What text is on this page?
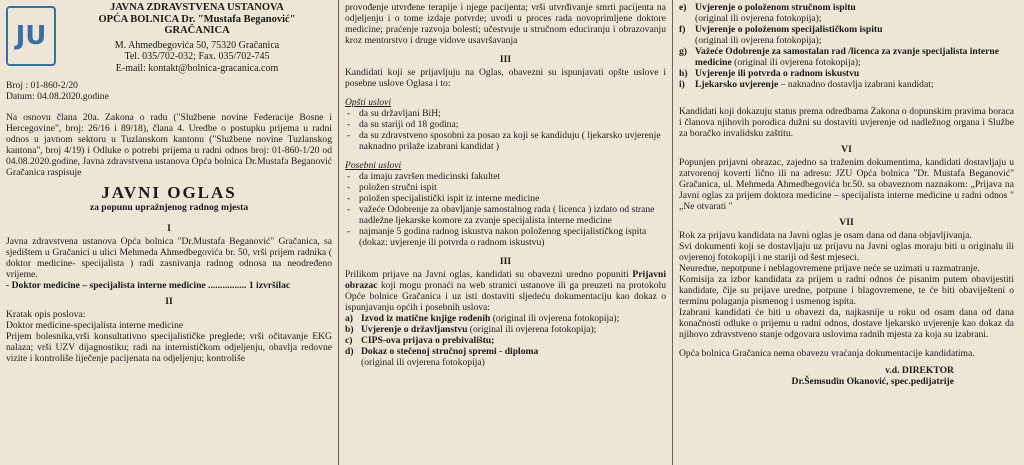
JU
JAVNA ZDRAVSTVENA USTANOVA
OPĆA BOLNICA Dr. "Mustafa Beganović"
GRAČANICA
M. Ahmedbegovića 50, 75320 Gračanica
Tel. 035/702-032; Fax. 035/702-745
E-mail: kontakt@bolnica-gracanica.com

Broj : 01-860-2/20

Datum: 04.08.2020.godine

Na osnovu člana 20a. Zakona o radu ("Službene novine Federacije Bosne i Hercegovine", broj: 26/16 i 89/18), člana 4. Uredbe o postupku prijema u radni odnos u javnom sektoru u Tuzlanskom kantonu ("Službene novine Tuzlanskog kantona", broj 4/19) i Odluke o potrebi prijema u radni odnos broj: 01-860-1/20 od 04.08.2020.godine, Javna zdravstvena ustanova Opća bolnica Dr.Mustafa Beganović Gračanica raspisuje

JAVNI OGLAS
za popunu upražnjenog radnog mjesta
I

Javna zdravstvena ustanova Opća bolnica "Dr.Mustafa Beganović" Gračanica, sa sjedištem u Gračanici u ulici Mehmeda Ahmedbegovića br. 50, vrši prijem radnika ( doktor medicine- specijalista ) radi zasnivanja radnog odnosa na neodređeno vrijeme.

- Doktor medicine – specijalista interne medicine ................ 1 izvršilac

II

Kratak opis poslova:

Doktor medicine-specijalista interne medicine

Prijem bolesnika,vrši konsultativno specijalističke preglede; vrši očitavanje EKG nalaza; vrši UZV dijagnostiku; radi na internističkom odjeljenju, obavlja redovne vizite i kontroliše liječenje pacijenata na odjeljenju; kontroliše

provođenje utvrđene terapije i njege pacijenta; vrši utvrđivanje smrti pacijenta na odjeljenju i o tome izdaje potvrde; uvodi u proces rada novoprimljene doktore medicine; praćenje razvoja bolesti; učestvuje u stručnom educiranju i obrazovanju kroz mentorstvo i druge vidove usavršavanja

III

Kandidati koji se prijavljuju na Oglas, obavezni su ispunjavati opšte uslove i posebne uslove Oglasa i to:

Opšti uslovi

- da su državljani BiH;
- da su stariji od 18 godina;
- da su zdravstveno sposobni za posao za koji se kandiduju ( ljekarsko uvjerenje naknadno prilaže izabrani kandidat )

Posebni uslovi

- da imaju završen medicinski fakultet
- položen stručni ispit
- položen specijalistički ispit iz interne medicine
- važeće Odobrenje za obavljanje samostalnog rada ( licenca ) izdato od strane nadležne ljekarske komore za zvanje specijalista interne medicine
- najmanje 5 godina radnog iskustva nakon položenog specijalističkog ispita (dokaz: uvjerenje ili potvrda o radnom iskustvu)
III

Prilikom prijave na Javni oglas, kandidati su obavezni uredno popuniti Prijavni obrazac koji mogu pronaći na web stranici ustanove ili ga preuzeti na protokolu Opće bolnice Gračanica i uz isti dostaviti sljedeću dokumentaciju kao dokaz o ispunjavanju općih i posebnih uslova:

a) Izvod iz matične knjige rođenih (original ili ovjerena fotokopija);
b) Uvjerenje o državljanstvu (original ili ovjerena fotokopija);
c) CIPS-ova prijava o prebivalištu;
d) Dokaz o stečenoj stručnoj spremi - diploma
(original ili ovjerena fotokopija)
e) Uvjerenje o položenom stručnom ispitu
(original ili ovjerena fotokopija);
f)	Uvjerenje o položenom specijalističkom ispitu
(original ili ovjerena fotokopija);
g) Važeće Odobrenje za samostalan rad /licenca za zvanje specijalista interne medicine (original ili ovjerena fotokopija);
h) Uvjerenje ili potvrda o radnom iskustvu
i)	Ljekarsko uvjerenje – naknadno dostavlja izabrani kandidat;

Kandidati koji dokazuju status prema odredbama Zakona o dopunskim pravima boraca i članova njihovih porodica dužni su dostaviti uvjerenje od nadležnog organa i Službe za boračko invalidsku zaštitu.

VI

Popunjen prijavni obrazac, zajedno sa traženim dokumentima, kandidati dostavljaju u zatvorenoj koverti lično ili na adresu: JZU Opća bolnica "Dr. Mustafa Beganović" Gračanica, ul. Mehmeda Ahmedbegovića br.50. sa obaveznom naznakom: „Prijava na Javni oglas za prijem doktora medicine – specijalista interne medicine u radni odnos " „Ne otvarati "

VII

Rok za prijavu kandidata na Javni oglas je osam dana od dana objavljivanja.

Svi dokumenti koji se dostavljaju uz prijavu na Javni oglas moraju biti u originalu ili ovjerenoj fotokopiji i ne stariji od šest mjeseci.

Neuredne, nepotpune i neblagovremene prijave neće se uzimati u razmatranje.

Komisija za izbor kandidata za prijem u radni odnos će pisanim putem obavijestiti kandidate, čije su prijave uredne, potpune i blagovremene, te će biti obaviješteni o terminu polaganja pismenog i usmenog ispita.

Izabrani kandidati će biti u obavezi da, najkasnije u roku od osam dana od dana konačnosti odluke o prijemu u radni odnos, dostave ljekarsko uvjerenje kao dokaz da njihovo zdravstveno stanje odgovara uslovima radnih mjesta za koja su izabrani.

Opća bolnica Gračanica nema obavezu vraćanja dokumentacije kandidatima.

v.d. DIREKTOR

Dr.Šemsudin Okanović, spec.pedijatrije
